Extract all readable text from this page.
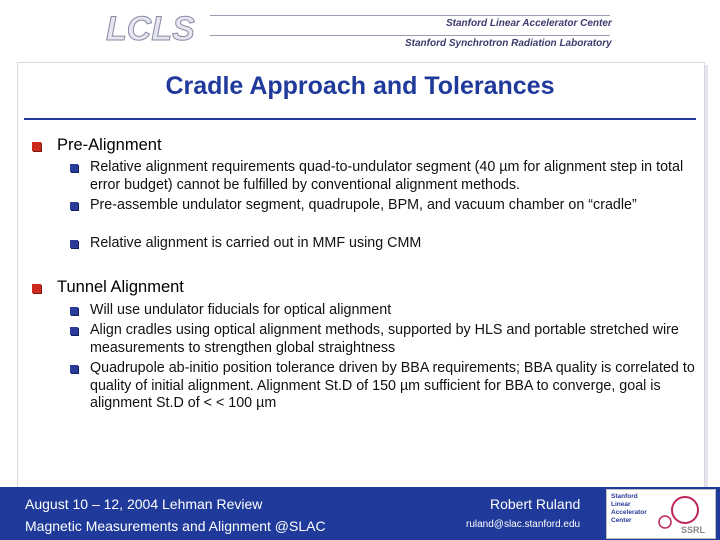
LCLS	Stanford Linear Accelerator Center
Stanford Synchrotron Radiation Laboratory
Cradle Approach and Tolerances
Pre-Alignment
Relative alignment requirements quad-to-undulator segment (40 µm for alignment step in total error budget) cannot be fulfilled by conventional alignment methods.
Pre-assemble undulator segment, quadrupole, BPM, and vacuum chamber on “cradle”
Relative alignment is carried out in MMF using CMM
Tunnel Alignment
Will use undulator fiducials for optical alignment
Align cradles using optical alignment methods, supported by HLS and portable stretched wire measurements to strengthen global straightness
Quadrupole ab-initio position tolerance driven by BBA requirements; BBA quality is correlated to quality of initial alignment. Alignment St.D of 150 µm sufficient for BBA to converge, goal is alignment St.D of < < 100 µm
August 10 – 12, 2004 Lehman Review
Magnetic Measurements and Alignment @SLAC
Robert Ruland
ruland@slac.stanford.edu
Stanford
Linear
Accelerator
Center
SSRL
